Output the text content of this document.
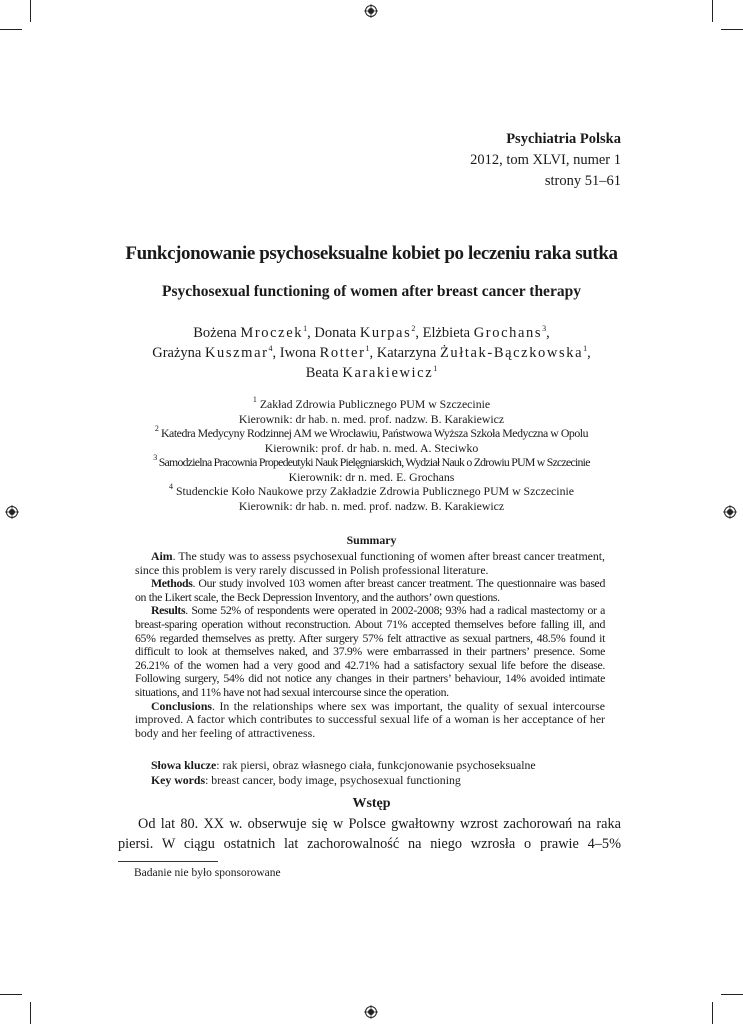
Psychiatria Polska
2012, tom XLVI, numer 1
strony 51–61
Funkcjonowanie psychoseksualne kobiet po leczeniu raka sutka
Psychosexual functioning of women after breast cancer therapy
Bożena Mroczek$^1$, Donata Kurpas$^2$, Elżbieta Grochans$^3$,
Grażyna Kuszmar$^4$, Iwona Rotter$^1$, Katarzyna Żułtak-Bączkowska$^1$,
Beata Karakiewicz$^1$
$^1$ Zakład Zdrowia Publicznego PUM w Szczecinie
Kierownik: dr hab. n. med. prof. nadzw. B. Karakiewicz
$^2$ Katedra Medycyny Rodzinnej AM we Wrocławiu, Państwowa Wyższa Szkoła Medyczna w Opolu
Kierownik: prof. dr hab. n. med. A. Steciwko
$^3$ Samodzielna Pracownia Propedeutyki Nauk Pielęgniarskich, Wydział Nauk o Zdrowiu PUM w Szczecinie
Kierownik: dr n. med. E. Grochans
$^4$ Studenckie Koło Naukowe przy Zakładzie Zdrowia Publicznego PUM w Szczecinie
Kierownik: dr hab. n. med. prof. nadzw. B. Karakiewicz
Summary

Aim. The study was to assess psychosexual functioning of women after breast cancer treatment, since this problem is very rarely discussed in Polish professional literature.

Methods. Our study involved 103 women after breast cancer treatment. The questionnaire was based on the Likert scale, the Beck Depression Inventory, and the authors’ own questions.

Results. Some 52% of respondents were operated in 2002-2008; 93% had a radical mastectomy or a breast-sparing operation without reconstruction. About 71% accepted themselves before falling ill, and 65% regarded themselves as pretty. After surgery 57% felt attractive as sexual partners, 48.5% found it difficult to look at themselves naked, and 37.9% were embarrassed in their partners’ presence. Some 26.21% of the women had a very good and 42.71% had a satisfactory sexual life before the disease. Following surgery, 54% did not notice any changes in their partners’ behaviour, 14% avoided intimate situations, and 11% have not had sexual intercourse since the operation.

Conclusions. In the relationships where sex was important, the quality of sexual intercourse improved. A factor which contributes to successful sexual life of a woman is her acceptance of her body and her feeling of attractiveness.

Słowa klucze: rak piersi, obraz własnego ciała, funkcjonowanie psychoseksualne
Key words: breast cancer, body image, psychosexual functioning
Wstęp
Od lat 80. XX w. obserwuje się w Polsce gwałtowny wzrost zachorowań na raka piersi. W ciągu ostatnich lat zachorowalność na niego wzrosła o prawie 4–5%
Badanie nie było sponsorowane
